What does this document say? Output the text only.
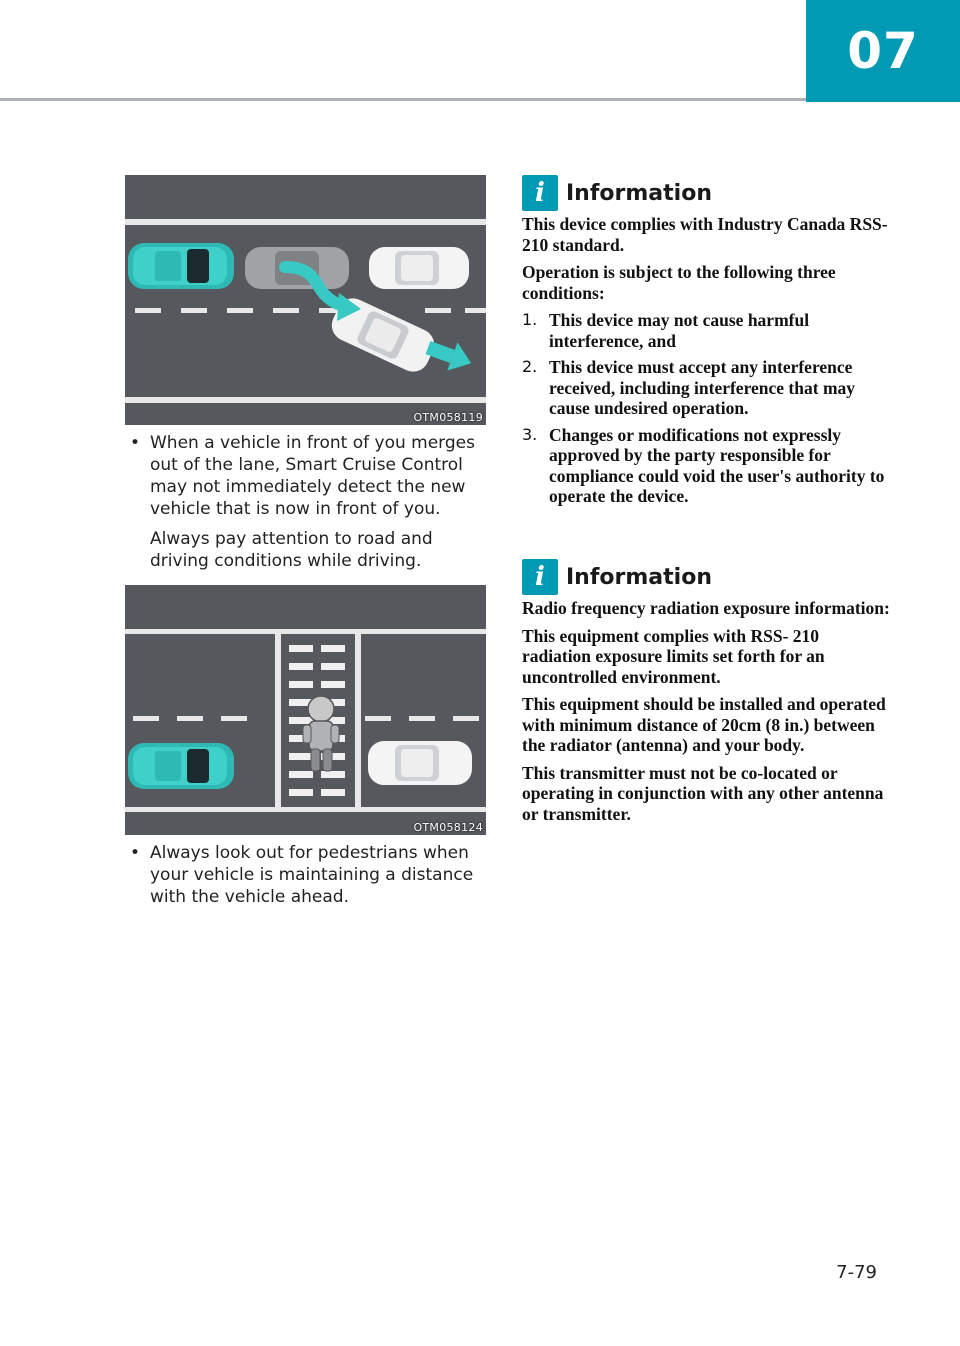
07
OTM058119
• When a vehicle in front of you merges out of the lane, Smart Cruise Control may not immediately detect the new vehicle that is now in front of you.

Always pay attention to road and driving conditions while driving.

OTM058124
• Always look out for pedestrians when your vehicle is maintaining a distance with the vehicle ahead.

i Information

This device complies with Industry Canada RSS-210 standard.

Operation is subject to the following three conditions:

1. This device may not cause harmful interference, and
2. This device must accept any interference received, including interference that may cause undesired operation.
3. Changes or modifications not expressly approved by the party responsible for compliance could void the user's authority to operate the device.
i Information

Radio frequency radiation exposure information:

This equipment complies with RSS- 210 radiation exposure limits set forth for an uncontrolled environment.

This equipment should be installed and operated with minimum distance of 20cm (8 in.) between the radiator (antenna) and your body.

This transmitter must not be co-located or operating in conjunction with any other antenna or transmitter.

7-79
